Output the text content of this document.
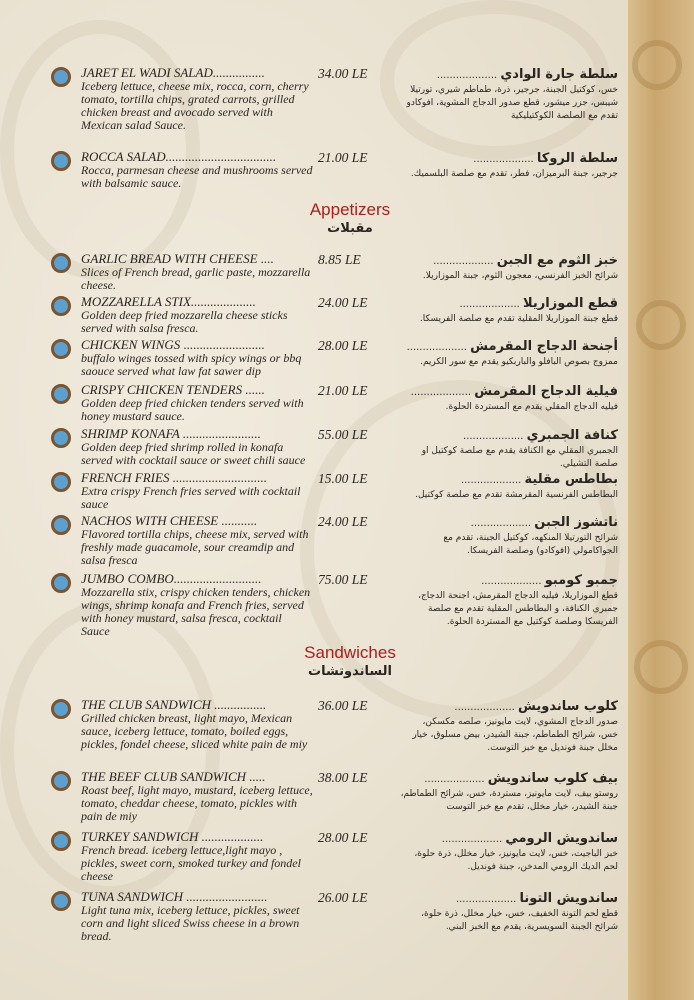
JARET EL WADI SALAD................
Iceberg lettuce, cheese mix, rocca, corn, cherry tomato, tortilla chips, grated carrots, grilled chicken breast and avocado served with Mexican salad Sauce.
34.00 LE	سلطة جارة الوادي .....
خس، كوكتيل الجبنة، جرجير، ذرة، طماطم شيري، تورتيلا شيبس، جزر ميشور، قطع صدور الدجاج المشوية، افوكادو تقدم مع الصلصة الكوكتيليكية
ROCCA SALAD..................................
Rocca, parmesan cheese and mushrooms served with balsamic sauce.
21.00 LE	سلطة الروكا .....
جرجير، جبنة البرميزان، فطر، تقدم مع صلصة البلسميك.
Appetizers
مقبلات
GARLIC BREAD WITH CHEESE ....
Slices of French bread, garlic paste, mozzarella cheese.
8.85 LE	خبز الثوم مع الجبن .....
شرائح الخبز الفرنسي، معجون الثوم، جبنة الموزاريلا.
MOZZARELLA STIX....................
Golden deep fried mozzarella cheese sticks served with salsa fresca.
24.00 LE	قطع الموزاريلا .....
قطع جبنة الموزاريلا المقلية تقدم مع صلصة الفريسكا.
CHICKEN WINGS .........................
buffalo winges tossed with spicy wings or bbq saouce served what law fat sawer dip
28.00 LE	أجنحة الدجاج المقرمش .....
ممزوج بصوص البافلو والباربكيو يقدم مع سور الكريم.
CRISPY CHICKEN TENDERS ......
Golden deep fried chicken tenders served with honey mustard sauce.
21.00 LE	فيلية الدجاج المقرمش .....
فيليه الدجاج المقلي يقدم مع المستردة الحلوة.
SHRIMP KONAFA ........................
Golden deep fried shrimp rolled in konafa served with cocktail sauce or sweet chili sauce
55.00 LE	كنافة الجمبري .....
الجمبري المقلي مع الكنافة يقدم مع صلصة كوكتيل او صلصة التشيلي.
FRENCH FRIES .............................
Extra crispy French fries served with cocktail sauce
15.00 LE	بطاطس مقلية .....
البطاطس الفرنسية المقرمشة تقدم مع صلصة كوكتيل.
NACHOS WITH CHEESE ...........
Flavored tortilla chips, cheese mix, served with freshly made guacamole, sour creamdip and salsa fresca
24.00 LE	ناتشوز الجبن .....
شرائح التورتيلا المنكهه، كوكتيل الجبنة، تقدم مع الجواكامولي (افوكادو) وصلصة الفريسكا.
JUMBO COMBO...........................
Mozzarella stix, crispy chicken tenders, chicken wings, shrimp konafa and French fries, served with honey mustard, salsa fresca, cocktail Sauce
75.00 LE	جمبو كومبو .....
قطع الموزاريلا، فيليه الدجاج المقرمش، اجنحة الدجاج، جمبري الكنافة، و البطاطس المقلية تقدم مع صلصة الفريسكا وصلصة كوكتيل مع المستردة الحلوة.
Sandwiches
الساندوتشات
THE CLUB SANDWICH ................
Grilled chicken breast, light mayo, Mexican sauce, iceberg lettuce, tomato, boiled eggs, pickles, fondel cheese, sliced white pain de miy
36.00 LE	كلوب ساندويش .....
صدور الدجاج المشوي، لايت مايونيز، صلصه مكسكن، خس، شرائح الطماطم، جبنة الشيدر، بيض مسلوق، خيار مخلل جبنة فونديل مع خبز التوست.
THE BEEF CLUB SANDWICH .....
Roast beef, light mayo, mustard, iceberg lettuce, tomato, cheddar cheese, tomato, pickles with pain de miy
38.00 LE	بيف كلوب ساندويش .....
روستو بيف، لايت مايونيز، مستردة، خس، شرائح الطماطم، جبنة الشيدر، خيار مخلل، تقدم مع خبز التوست
TURKEY SANDWICH ...................
French bread. iceberg lettuce,light mayo , pickles, sweet corn, smoked turkey and fondel cheese
28.00 LE	ساندويش الرومي .....
خبز الباجيت، خس، لايت مايونيز، خيار مخلل، ذرة حلوة، لحم الديك الرومي المدخن، جبنة فونديل.
TUNA SANDWICH .........................
Light tuna mix, iceberg lettuce, pickles, sweet corn and light sliced Swiss cheese in a brown bread.
26.00 LE	ساندويش التونا .....
قطع لحم التونة الخفيف، خس، خيار مخلل، ذرة حلوة، شرائح الجبنة السويسرية، يقدم مع الخبز البني.
